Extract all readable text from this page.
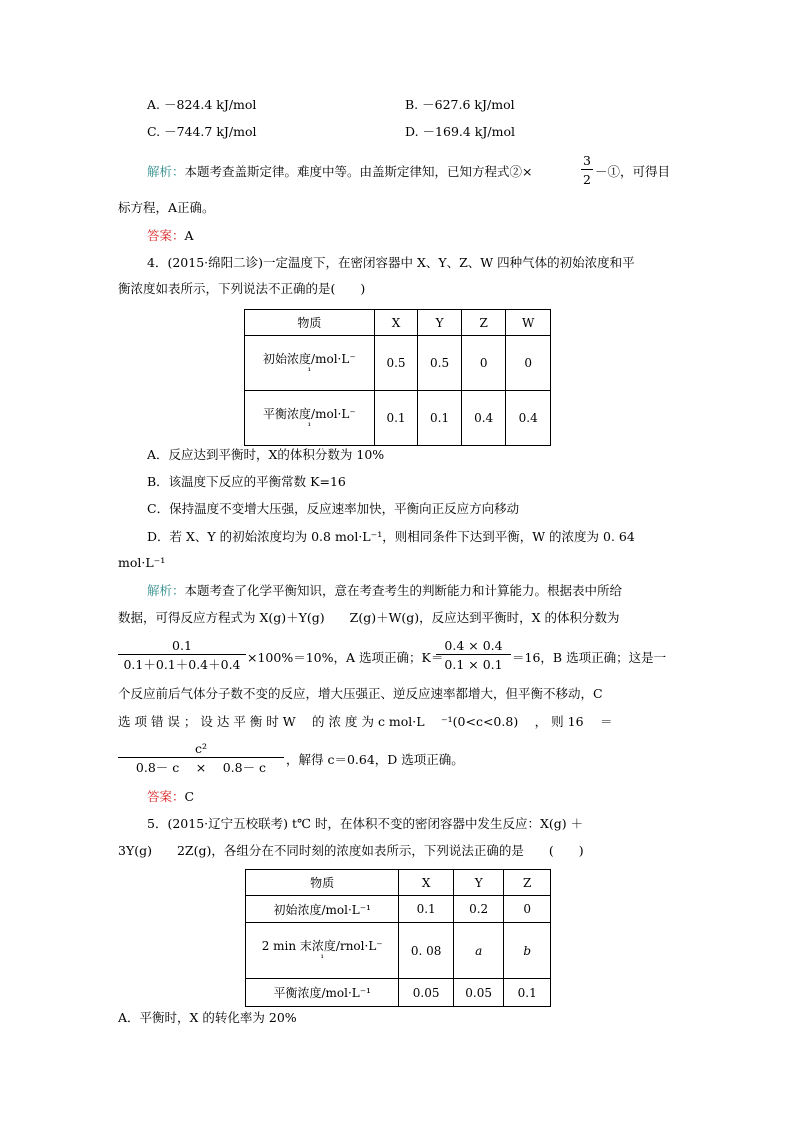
A. －824.4 kJ/mol	B. －627.6 kJ/mol
C. －744.7 kJ/mol	D. －169.4 kJ/mol
解析：本题考查盖斯定律。难度中等。由盖斯定律知，已知方程式②×
3
2
－①，可得目
标方程，A正确。
答案：A
4．(2015·绵阳二诊)一定温度下，在密闭容器中 X、Y、Z、W 四种气体的初始浓度和平
衡浓度如表所示，下列说法不正确的是(　　)
物质	X	Y	Z	W

初始浓度/mol·L⁻
¹	0.5	0.5	0	0

平衡浓度/mol·L⁻
¹	0.1	0.1	0.4	0.4
A．反应达到平衡时，X的体积分数为 10%
B．该温度下反应的平衡常数 K=16
C．保持温度不变增大压强，反应速率加快，平衡向正反应方向移动
D．若 X、Y 的初始浓度均为 0.8 mol·L⁻¹，则相同条件下达到平衡，W 的浓度为 0. 64
mol·L⁻¹
解析：本题考查了化学平衡知识，意在考查考生的判断能力和计算能力。根据表中所给
数据，可得反应方程式为 X(g)＋Y(g)　　Z(g)＋W(g)，反应达到平衡时，X 的体积分数为
0.1
0.1＋0.1＋0.4＋0.4 ×100%＝10%，A 选项正确；K＝
0.4 × 0.4
0.1 × 0.1 ＝16，B 选项正确；这是一
个反应前后气体分子数不变的反应，增大压强正、逆反应速率都增大，但平衡不移动，C
选 项 错 误 ； 设 达 平 衡 时 W 　的 浓 度 为 c mol·L 　⁻¹(0<c<0.8)　 ， 则 16 　＝
c²
0.8－ c　 ×　 0.8－ c
，解得 c＝0.64，D 选项正确。
答案：C
5．(2015·辽宁五校联考) t℃ 时，在体积不变的密闭容器中发生反应：X(g) ＋
3Y(g)　　2Z(g)，各组分在不同时刻的浓度如表所示，下列说法正确的是　　(　　)
物质	X	Y	Z
初始浓度/mol·L⁻¹	0.1	0.2	0

2 min 末浓度/rnol·L⁻
¹	0. 08	a	b
平衡浓度/mol·L⁻¹	0.05	0.05	0.1
A．平衡时，X 的转化率为 20%
